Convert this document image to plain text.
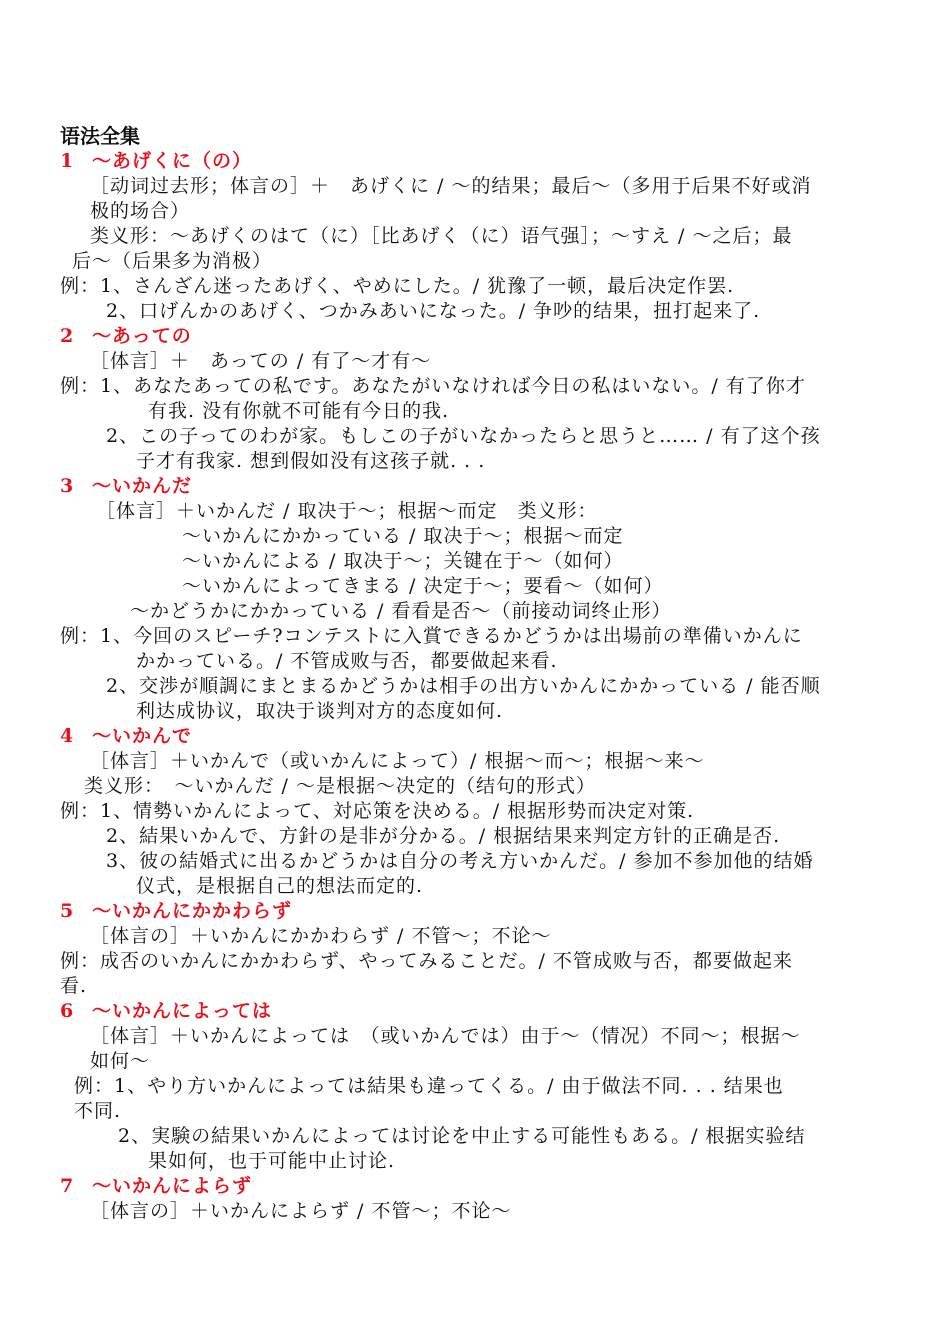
语法全集
1 ～あげくに（の）
［动词过去形；体言の］＋　あげくに / ～的结果；最后～（多用于后果不好或消
极的场合）
类义形：～あげくのはて（に）［比あげく（に）语气强］；～すえ / ～之后；最
后～（后果多为消极）
例：1、さんざん迷ったあげく、やめにした。/ 犹豫了一顿，最后决定作罢.
2、口げんかのあげく、つかみあいになった。/ 争吵的结果，扭打起来了.
2 ～あっての
［体言］＋　あっての / 有了～才有～
例：1、あなたあっての私です。あなたがいなければ今日の私はいない。/ 有了你才
有我. 没有你就不可能有今日的我.
2、この子ってのわが家。もしこの子がいなかったらと思うと…… / 有了这个孩
子才有我家. 想到假如没有这孩子就. . .
3 ～いかんだ
［体言］＋いかんだ / 取决于～；根据～而定　类义形：
～いかんにかかっている / 取决于～；根据～而定
～いかんによる / 取决于～；关键在于～（如何）
～いかんによってきまる / 决定于～；要看～（如何）
～かどうかにかかっている / 看看是否～（前接动词终止形）
例：1、今回のスピーチ?コンテストに入賞できるかどうかは出場前の準備いかんに
かかっている。/ 不管成败与否，都要做起来看.
2、交渉が順調にまとまるかどうかは相手の出方いかんにかかっている / 能否顺
利达成协议，取决于谈判对方的态度如何.
4 ～いかんで
［体言］＋いかんで（或いかんによって）/ 根据～而～；根据～来～
类义形：　～いかんだ / ～是根据～决定的（结句的形式）
例：1、情勢いかんによって、対応策を決める。/ 根据形势而决定对策.
2、結果いかんで、方針の是非が分かる。/ 根据结果来判定方针的正确是否.
3、彼の結婚式に出るかどうかは自分の考え方いかんだ。/ 参加不参加他的结婚
仪式，是根据自己的想法而定的.
5 ～いかんにかかわらず
［体言の］＋いかんにかかわらず / 不管～；不论～
例：成否のいかんにかかわらず、やってみることだ。/ 不管成败与否，都要做起来
看.
6 ～いかんによっては
［体言］＋いかんによっては　（或いかんでは）由于～（情况）不同～；根据～
如何～
例：1、やり方いかんによっては結果も違ってくる。/ 由于做法不同. . . 结果也
不同.
2、実験の結果いかんによっては讨论を中止する可能性もある。/ 根据实验结
果如何，也于可能中止讨论.
7 ～いかんによらず
［体言の］＋いかんによらず / 不管～；不论～
